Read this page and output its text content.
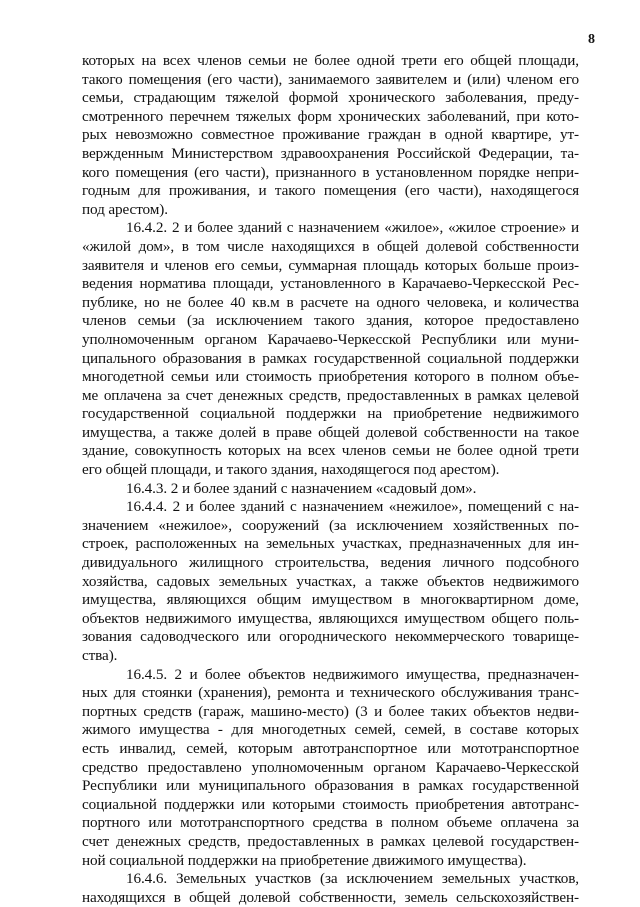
8
которых на всех членов семьи не более одной трети его общей площади,
такого помещения (его части), занимаемого заявителем и (или) членом его
семьи, страдающим тяжелой формой хронического заболевания, преду-
смотренного перечнем тяжелых форм хронических заболеваний, при кото-
рых невозможно совместное проживание граждан в одной квартире, ут-
вержденным Министерством здравоохранения Российской Федерации, та-
кого помещения (его части), признанного в установленном порядке непри-
годным для проживания, и такого помещения (его части), находящегося
под арестом).
16.4.2. 2 и более зданий с назначением «жилое», «жилое строение» и
«жилой дом», в том числе находящихся в общей долевой собственности
заявителя и членов его семьи, суммарная площадь которых больше произ-
ведения норматива площади, установленного в Карачаево-Черкесской Рес-
публике, но не более 40 кв.м в расчете на одного человека, и количества
членов семьи (за исключением такого здания, которое предоставлено
уполномоченным органом Карачаево-Черкесской Республики или муни-
ципального образования в рамках государственной социальной поддержки
многодетной семьи или стоимость приобретения которого в полном объе-
ме оплачена за счет денежных средств, предоставленных в рамках целевой
государственной социальной поддержки на приобретение недвижимого
имущества, а также долей в праве общей долевой собственности на такое
здание, совокупность которых на всех членов семьи не более одной трети
его общей площади, и такого здания, находящегося под арестом).
16.4.3. 2 и более зданий с назначением «садовый дом».
16.4.4. 2 и более зданий с назначением «нежилое», помещений с на-
значением «нежилое», сооружений (за исключением хозяйственных по-
строек, расположенных на земельных участках, предназначенных для ин-
дивидуального жилищного строительства, ведения личного подсобного
хозяйства, садовых земельных участках, а также объектов недвижимого
имущества, являющихся общим имуществом в многоквартирном доме,
объектов недвижимого имущества, являющихся имуществом общего поль-
зования садоводческого или огороднического некоммерческого товарище-
ства).
16.4.5. 2 и более объектов недвижимого имущества, предназначен-
ных для стоянки (хранения), ремонта и технического обслуживания транс-
портных средств (гараж, машино-место) (3 и более таких объектов недви-
жимого имущества - для многодетных семей, семей, в составе которых
есть инвалид, семей, которым автотранспортное или мототранспортное
средство предоставлено уполномоченным органом Карачаево-Черкесской
Республики или муниципального образования в рамках государственной
социальной поддержки или которыми стоимость приобретения автотранс-
портного или мототранспортного средства в полном объеме оплачена за
счет денежных средств, предоставленных в рамках целевой государствен-
ной социальной поддержки на приобретение движимого имущества).
16.4.6. Земельных участков (за исключением земельных участков,
находящихся в общей долевой собственности, земель сельскохозяйствен-
